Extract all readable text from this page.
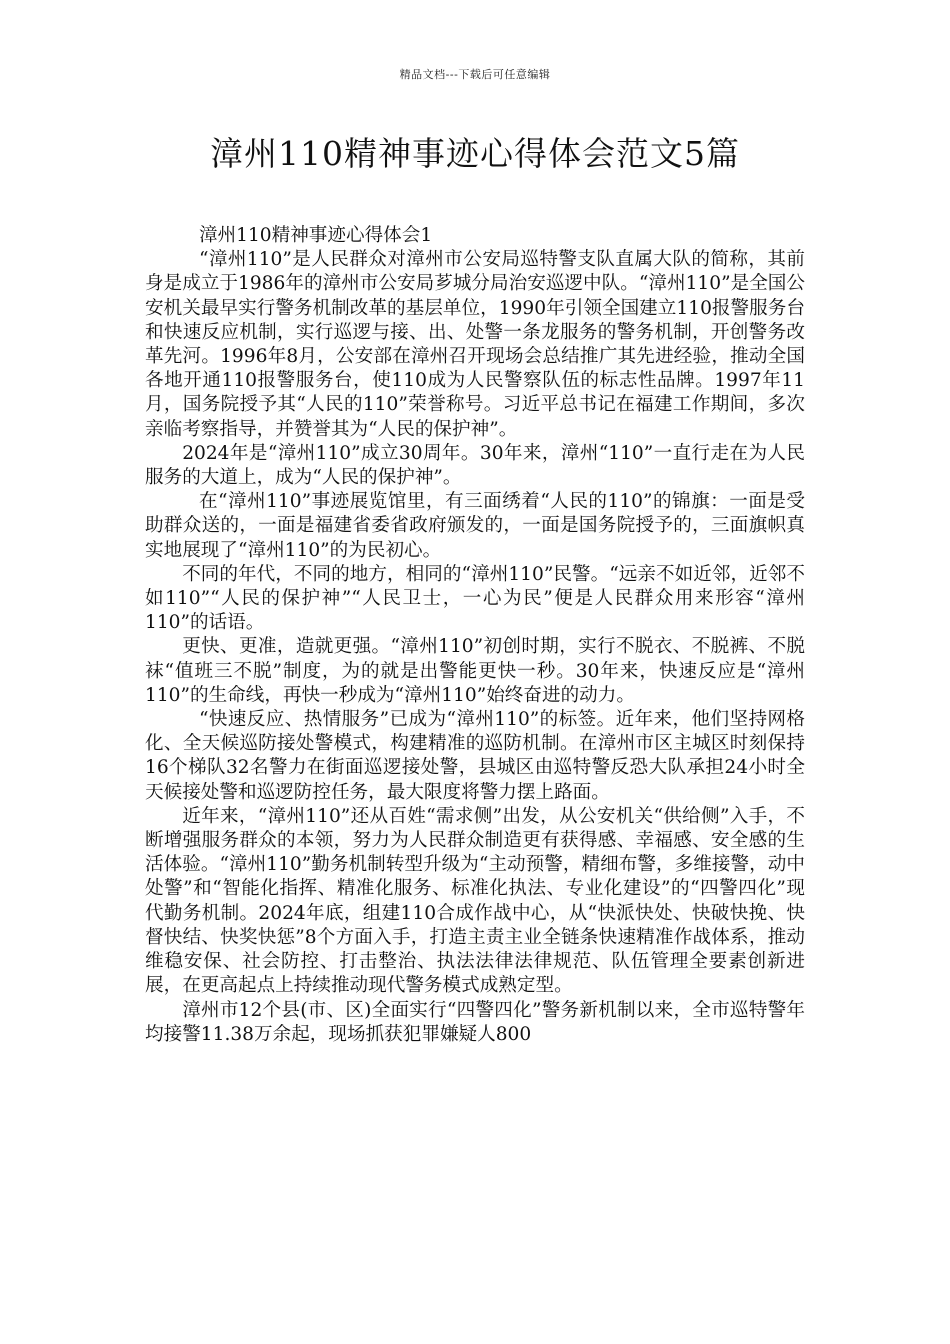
精品文档---下载后可任意编辑
漳州110精神事迹心得体会范文5篇

漳州110精神事迹心得体会1

“漳州110”是人民群众对漳州市公安局巡特警支队直属大队的简称，其前身是成立于1986年的漳州市公安局芗城分局治安巡逻中队。“漳州110”是全国公安机关最早实行警务机制改革的基层单位，1990年引领全国建立110报警服务台和快速反应机制，实行巡逻与接、出、处警一条龙服务的警务机制，开创警务改革先河。1996年8月，公安部在漳州召开现场会总结推广其先进经验，推动全国各地开通110报警服务台，使110成为人民警察队伍的标志性品牌。1997年11月，国务院授予其“人民的110”荣誉称号。习近平总书记在福建工作期间，多次亲临考察指导，并赞誉其为“人民的保护神”。

2024年是“漳州110”成立30周年。30年来，漳州“110”一直行走在为人民服务的大道上，成为“人民的保护神”。

在“漳州110”事迹展览馆里，有三面绣着“人民的110”的锦旗：一面是受助群众送的，一面是福建省委省政府颁发的，一面是国务院授予的，三面旗帜真实地展现了“漳州110”的为民初心。

不同的年代，不同的地方，相同的“漳州110”民警。“远亲不如近邻，近邻不如110”“人民的保护神”“人民卫士，一心为民”便是人民群众用来形容“漳州110”的话语。

更快、更准，造就更强。“漳州110”初创时期，实行不脱衣、不脱裤、不脱袜“值班三不脱”制度，为的就是出警能更快一秒。30年来，快速反应是“漳州110”的生命线，再快一秒成为“漳州110”始终奋进的动力。

“快速反应、热情服务”已成为“漳州110”的标签。近年来，他们坚持网格化、全天候巡防接处警模式，构建精准的巡防机制。在漳州市区主城区时刻保持16个梯队32名警力在街面巡逻接处警，县城区由巡特警反恐大队承担24小时全天候接处警和巡逻防控任务，最大限度将警力摆上路面。

近年来，“漳州110”还从百姓“需求侧”出发，从公安机关“供给侧”入手，不断增强服务群众的本领，努力为人民群众制造更有获得感、幸福感、安全感的生活体验。“漳州110”勤务机制转型升级为“主动预警，精细布警，多维接警，动中处警”和“智能化指挥、精准化服务、标准化执法、专业化建设”的“四警四化”现代勤务机制。2024年底，组建110合成作战中心，从“快派快处、快破快挽、快督快结、快奖快惩”8个方面入手，打造主责主业全链条快速精准作战体系，推动维稳安保、社会防控、打击整治、执法法律法律规范、队伍管理全要素创新进展，在更高起点上持续推动现代警务模式成熟定型。

漳州市12个县(市、区)全面实行“四警四化”警务新机制以来，全市巡特警年均接警11.38万余起，现场抓获犯罪嫌疑人800
